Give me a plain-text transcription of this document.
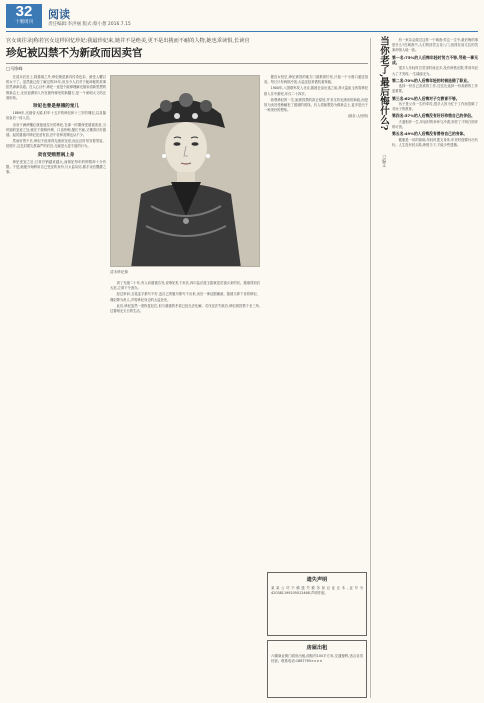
32
十堰周刊
阅读
责任编辑:李洪丽 版式:蔡小想 2016.7.15
宫女谈往录|称若宫女这样回忆珍妃:我最珍妃来,她并不是绝美,更不是出挑而不耐的人物,她也乖读惧,长读官
珍妃被囚禁不为新政而因卖官
□马铮峰
清末珍妃像

在清末后宫上,除慈禧之外,珍妃就是最具传奇色彩、最受人瞩目的女子了。虽然她已经了解过的25年,但至今人们对于她神秘的故事依然津津乐道。在人心目中,珍妃一直是个能够理解光绪帝清新思想的维新志士,无论追溯到入冷宫最终惨死的新疆石,是一个深明大义的正面形象。

珍妃也曾是慈禧的宠儿

1889年,光绪帝大婚,时年十五岁的珍妃和十三岁的瑾妃,以及隆裕皇后一同入宫。

出身于满洲镶红旗他他拉氏的珍妃,在那一时期深受慈禧喜爱,当时她的宠爱之处,就在于聪明伶俐、口齿伶俐,擅长书画,又懂得讨好慈禧。起初慈禧对珍妃宠爱有加,宫中各种赏赐也从不少。

然而好景不长,珍妃不但深得光绪帝宠爱,而且还时常穿着男装、拍照片,这在封建礼教森严的后宫,无疑是大逆不道的行为。

卖官受贿惹祸上身

珍妃受宠之后,日常开销越来越大,而嫔妃每年的例银却十分有限。于是,她便开始利用自己受宠的身份,与太监勾结,插手卖官鬻爵之事。

到了光绪二十年,有人向慈禧告发,说珍妃私下卖官,四川盐法道玉铭就是花钱买来的官。慈禧得知后大怒,立即下令查办。

经过审问,玉铭连字都写不好,连自己的履历都写不出来,卖官一事证据确凿。慈禧当即下旨将珍妃、瑾妃降为贵人,并将珍妃身边的太监处死。

此后,珍妃虽然一度恢复妃位,但与慈禧的矛盾已经无法化解。戊戌变法失败后,珍妃被囚禁于北三所,过着暗无天日的生活。

据宫女回忆,珍妃被囚的地方门窗都被钉死,只留一个小窗口递送饭食。每日只有两顿冷饭,太监还经常借机羞辱她。

1900年,八国联军攻入北京,慈禧仓皇出逃之前,命太监崔玉贵将珍妃推入井中溺死,年仅二十四岁。

纵观珍妃的一生,她被囚禁的真正原因,并非支持光绪帝的新政,而是因为卖官受贿触犯了慈禧的底线。后人将她塑造为维新志士,更多是出于一种美好的想象。

(摘自:人民网)

遗失声明
某某公司不慎遗失税务登记证正本,证号为420381199205012468,声明作废。
房屋出租
六堰商业街门面房出租,面积约100平方米,交通便利,适合各类经营。联系电话:1887765××××
当你老了,最后悔什么?
□编文

有一家杂志做过这样一个调查:你这一生中,最后悔的事是什么?在调查中,人们的回答五花八门,但排在前几位的答案却惊人地一致。

第一名:75%的人后悔年轻时努力不够,导致一事无成。

很多人年轻时总觉得时间还多,没有珍惜光阴,等到年纪大了才发现,一生碌碌无为。

第二名:70%的人后悔年轻的时候选错了职业。

选择一份自己喜欢的工作,往往比选择一份高薪的工作更重要。

第三名:62%的人后悔对子女教育不够。

孩子是父母一生的牵挂,很多人因为忙于工作而忽略了对孩子的教育。

第四名:57%的人后悔没有好好珍惜自己的伴侣。

夫妻相伴一生,年轻时的争吵与冷漠,到老了才明白陪伴的可贵。

第五名:49%的人后悔没有善待自己的身体。

健康是一切的基础,年轻时透支身体,年老时便要付出代价。人生没有回头路,珍惜当下,才能少些遗憾。
